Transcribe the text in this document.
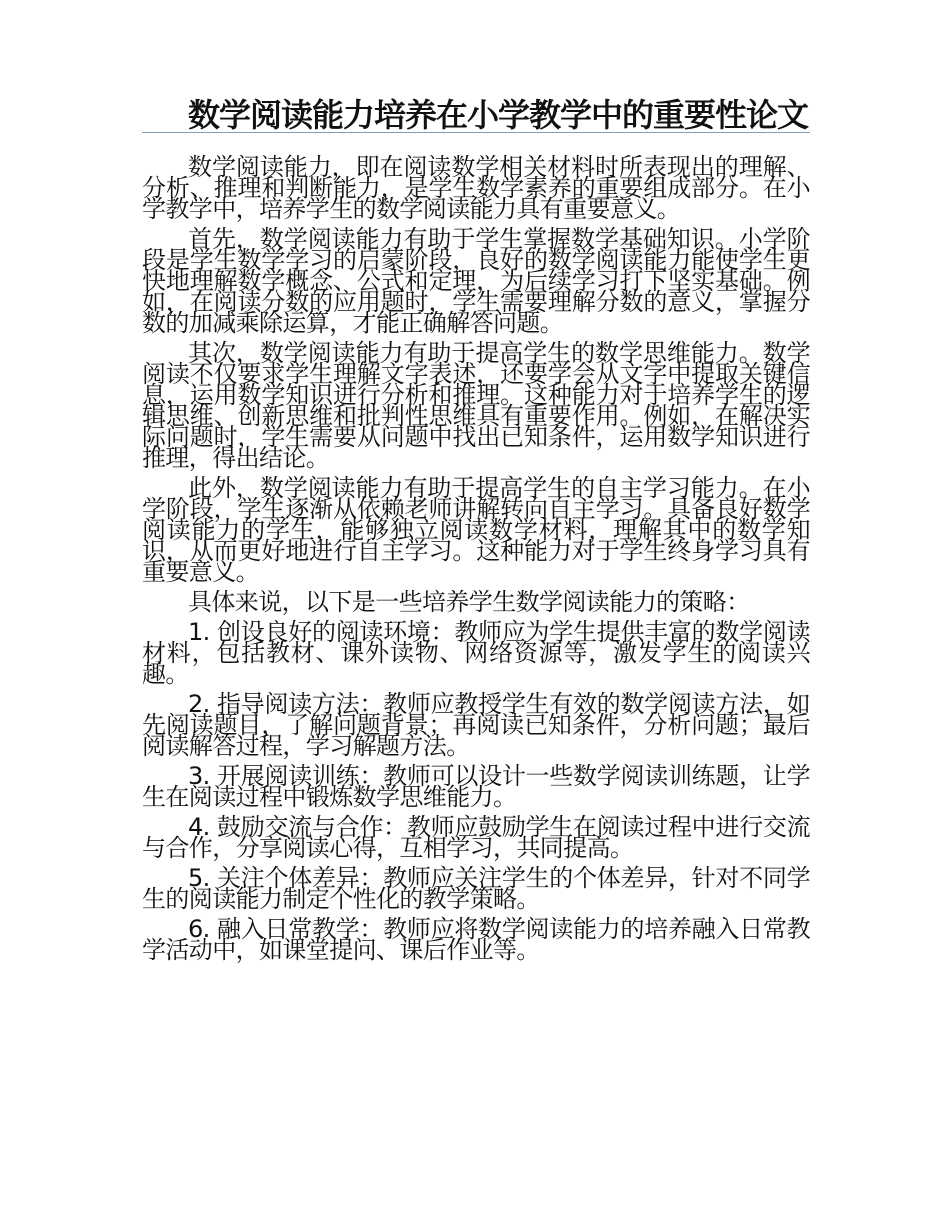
数学阅读能力培养在小学教学中的重要性论文

数学阅读能力，即在阅读数学相关材料时所表现出的理解、分析、推理和判断能力，是学生数学素养的重要组成部分。在小学教学中，培养学生的数学阅读能力具有重要意义。

首先，数学阅读能力有助于学生掌握数学基础知识。小学阶段是学生数学学习的启蒙阶段，良好的数学阅读能力能使学生更快地理解数学概念、公式和定理，为后续学习打下坚实基础。例如，在阅读分数的应用题时，学生需要理解分数的意义，掌握分数的加减乘除运算，才能正确解答问题。

其次，数学阅读能力有助于提高学生的数学思维能力。数学阅读不仅要求学生理解文字表述，还要学会从文字中提取关键信息，运用数学知识进行分析和推理。这种能力对于培养学生的逻辑思维、创新思维和批判性思维具有重要作用。例如，在解决实际问题时，学生需要从问题中找出已知条件，运用数学知识进行推理，得出结论。

此外，数学阅读能力有助于提高学生的自主学习能力。在小学阶段，学生逐渐从依赖老师讲解转向自主学习。具备良好数学阅读能力的学生，能够独立阅读数学材料，理解其中的数学知识，从而更好地进行自主学习。这种能力对于学生终身学习具有重要意义。

具体来说，以下是一些培养学生数学阅读能力的策略：

1. 创设良好的阅读环境：教师应为学生提供丰富的数学阅读材料，包括教材、课外读物、网络资源等，激发学生的阅读兴趣。

2. 指导阅读方法：教师应教授学生有效的数学阅读方法，如先阅读题目，了解问题背景；再阅读已知条件，分析问题；最后阅读解答过程，学习解题方法。

3. 开展阅读训练：教师可以设计一些数学阅读训练题，让学生在阅读过程中锻炼数学思维能力。

4. 鼓励交流与合作：教师应鼓励学生在阅读过程中进行交流与合作，分享阅读心得，互相学习，共同提高。

5. 关注个体差异：教师应关注学生的个体差异，针对不同学生的阅读能力制定个性化的教学策略。

6. 融入日常教学：教师应将数学阅读能力的培养融入日常教学活动中，如课堂提问、课后作业等。
